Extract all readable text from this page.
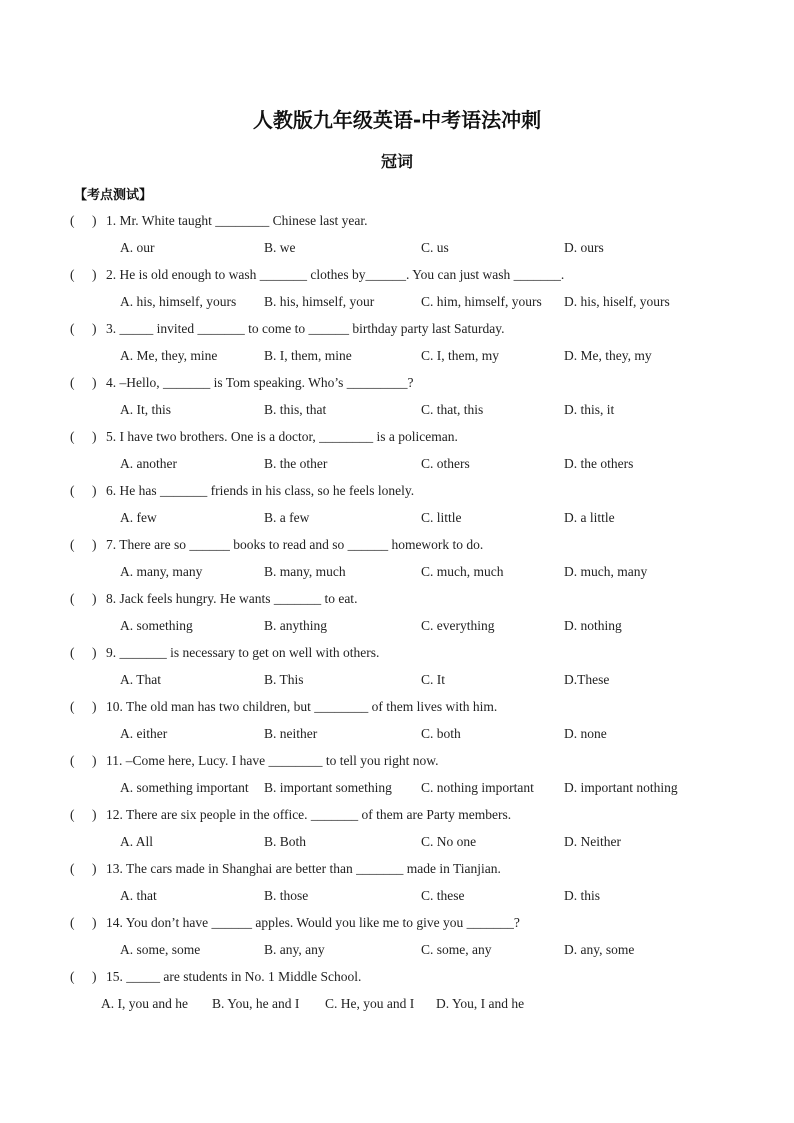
人教版九年级英语-中考语法冲刺
冠词
【考点测试】
( ) 1. Mr. White taught ________ Chinese last year.
A. our	B. we	C. us	D. ours
( ) 2. He is old enough to wash _______ clothes by______. You can just wash _______.
A. his, himself, yours B. his, himself, your	C. him, himself, yours D. his, hiself, yours
( ) 3. _____ invited _______ to come to ______ birthday party last Saturday.
A. Me, they, mine	B. I, them, mine	C. I, them, my	D. Me, they, my
( ) 4. –Hello, _______ is Tom speaking. Who’s _________?
A. It, this	B. this, that	C. that, this	D. this, it
( ) 5. I have two brothers. One is a doctor, ________ is a policeman.
A. another	B. the other	C. others	D. the others
( ) 6. He has _______ friends in his class, so he feels lonely.
A. few	B. a few	C. little	D. a little
( ) 7. There are so ______ books to read and so ______ homework to do.
A. many, many	B. many, much	C. much, much	D. much, many
( ) 8. Jack feels hungry. He wants _______ to eat.
A. something	B. anything	C. everything	D. nothing
( ) 9. _______ is necessary to get on well with others.
A. That	B. This	C. It	D.These
( ) 10. The old man has two children, but ________ of them lives with him.
A. either	B. neither	C. both	D. none
( ) 11. –Come here, Lucy. I have ________ to tell you right now.
A. something important B. important something C. nothing important D. important nothing
( ) 12. There are six people in the office. _______ of them are Party members.
A. All	B. Both	C. No one	D. Neither
( ) 13. The cars made in Shanghai are better than _______ made in Tianjian.
A. that	B. those	C. these	D. this
( ) 14. You don’t have ______ apples. Would you like me to give you _______?
A. some, some	B. any, any	C. some, any	D. any, some
( ) 15. _____ are students in No. 1 Middle School.
A. I, you and he B. You, he and I C. He, you and I D. You, I and he
